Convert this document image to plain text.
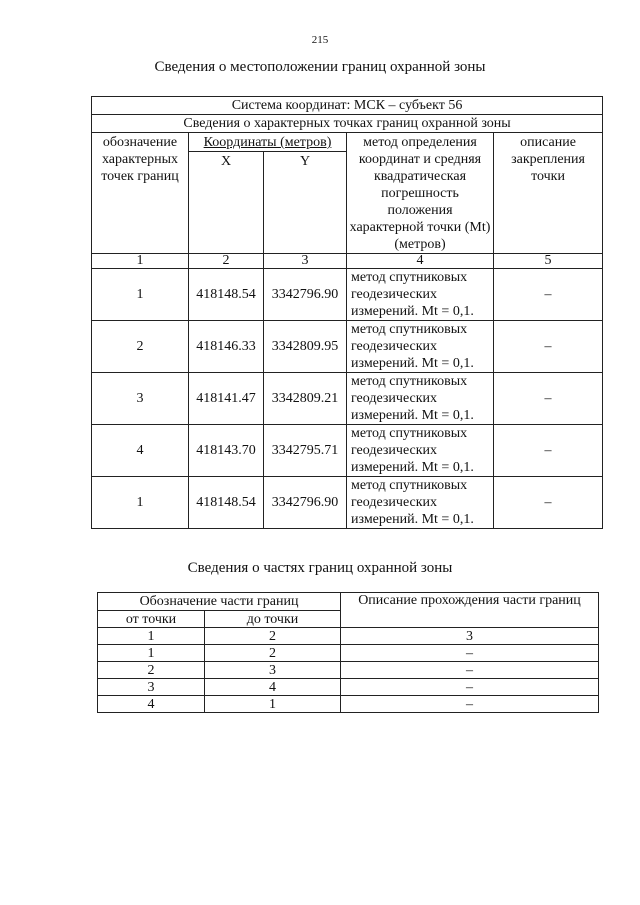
215
Сведения о местоположении границ охранной зоны
Система координат: МСК – субъект 56				
Сведения о характерных точках границ охранной зоны				
обозначение характерных точек границ	Координаты (метров)		метод определения координат и средняя квадратическая погрешность положения характерной точки (Mt) (метров)	описание закрепления точки
	X	Y		
1	2	3	4	5
1	418148.54	3342796.90	метод спутниковых геодезических измерений. Mt = 0,1.	–
2	418146.33	3342809.95	метод спутниковых геодезических измерений. Mt = 0,1.	–
3	418141.47	3342809.21	метод спутниковых геодезических измерений. Mt = 0,1.	–
4	418143.70	3342795.71	метод спутниковых геодезических измерений. Mt = 0,1.	–
1	418148.54	3342796.90	метод спутниковых геодезических измерений. Mt = 0,1.	–
Сведения о частях границ охранной зоны
Обозначение части границ		Описание прохождения части границ
от точки	до точки	
1	2	3
1	2	–
2	3	–
3	4	–
4	1	–
